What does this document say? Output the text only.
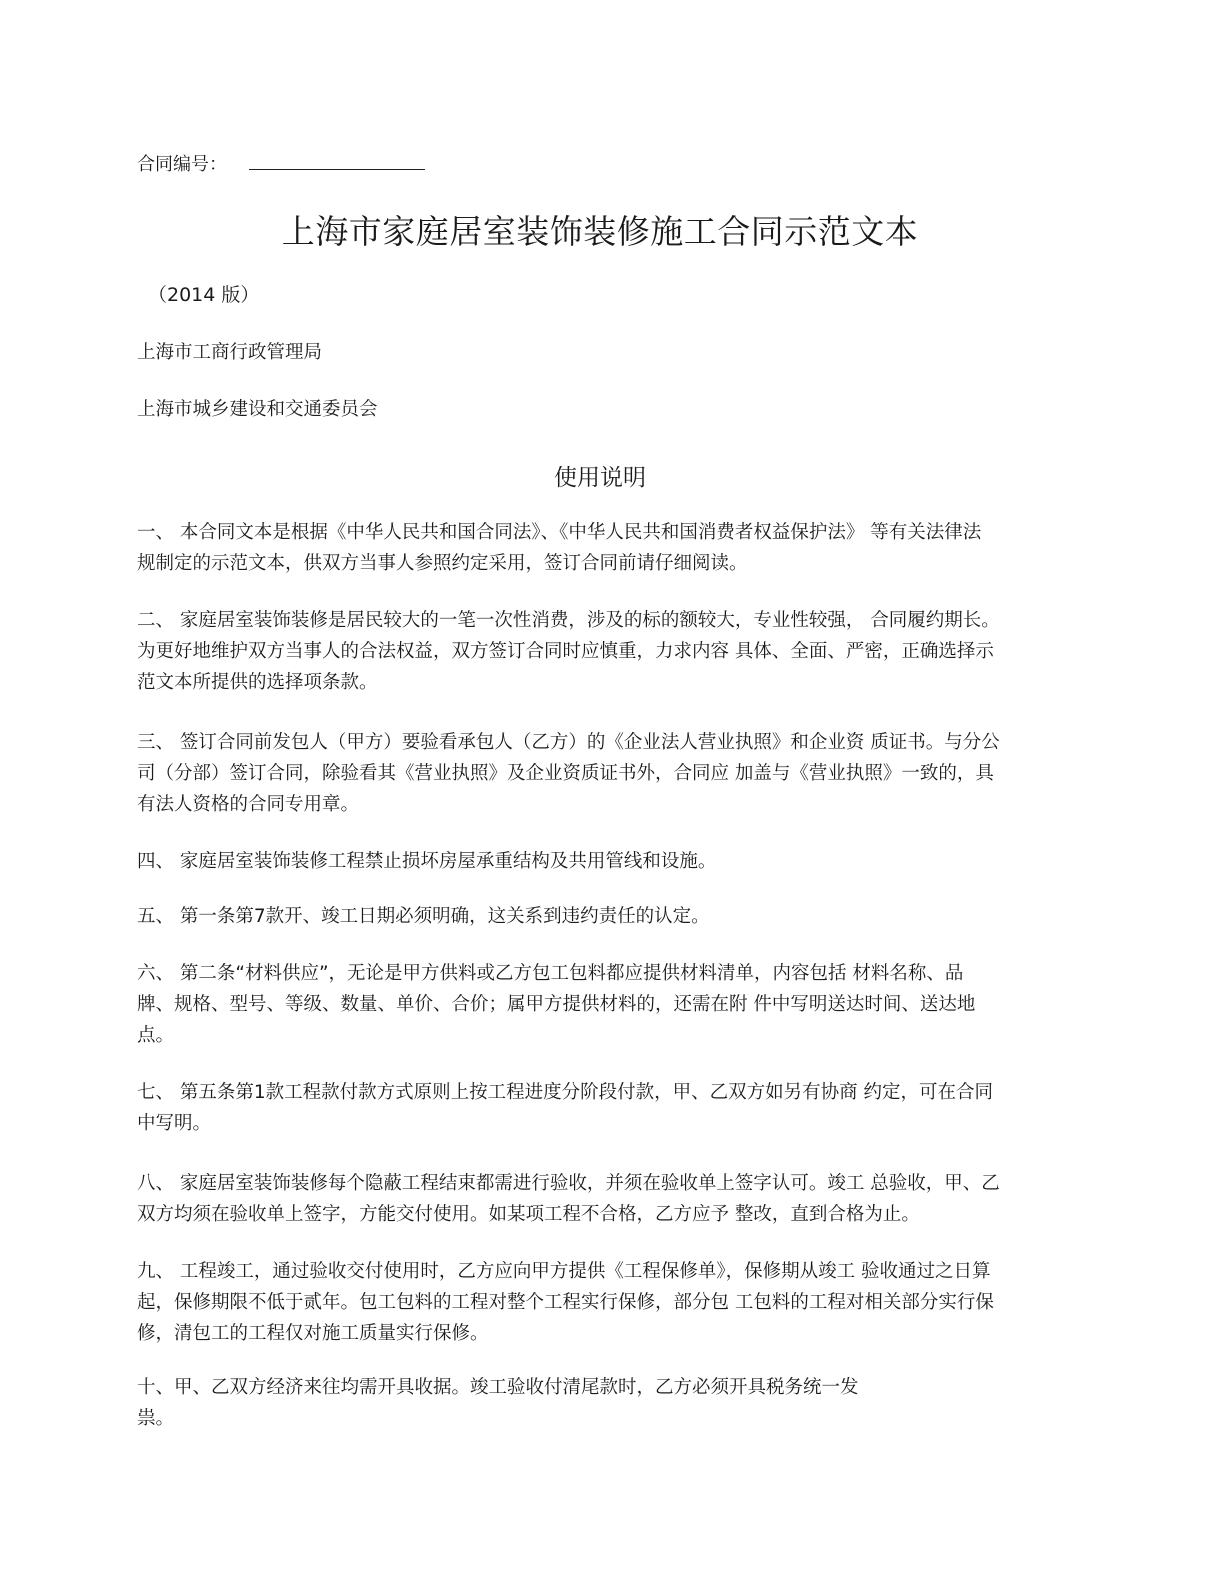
合同编号：
上海市家庭居室装饰装修施工合同示范文本
（2014 版）
上海市工商行政管理局
上海市城乡建设和交通委员会
使用说明
一、 本合同文本是根据《中华人民共和国合同法》、《中华人民共和国消费者权益保护法》 等有关法律法
规制定的示范文本，供双方当事人参照约定采用，签订合同前请仔细阅读。
二、 家庭居室装饰装修是居民较大的一笔一次性消费，涉及的标的额较大，专业性较强， 合同履约期长。
为更好地维护双方当事人的合法权益，双方签订合同时应慎重，力求内容 具体、全面、严密，正确选择示
范文本所提供的选择项条款。
三、 签订合同前发包人（甲方）要验看承包人（乙方）的《企业法人营业执照》和企业资 质证书。与分公
司（分部）签订合同，除验看其《营业执照》及企业资质证书外，合同应 加盖与《营业执照》一致的，具
有法人资格的合同专用章。
四、 家庭居室装饰装修工程禁止损坏房屋承重结构及共用管线和设施。
五、 第一条第7款开、竣工日期必须明确，这关系到违约责任的认定。
六、 第二条“材料供应”，无论是甲方供料或乙方包工包料都应提供材料清单，内容包括 材料名称、品
牌、规格、型号、等级、数量、单价、合价；属甲方提供材料的，还需在附 件中写明送达时间、送达地
点。
七、 第五条第1款工程款付款方式原则上按工程进度分阶段付款，甲、乙双方如另有协商 约定，可在合同
中写明。
八、 家庭居室装饰装修每个隐蔽工程结束都需进行验收，并须在验收单上签字认可。竣工 总验收，甲、乙
双方均须在验收单上签字，方能交付使用。如某项工程不合格，乙方应予 整改，直到合格为止。
九、 工程竣工，通过验收交付使用时，乙方应向甲方提供《工程保修单》，保修期从竣工 验收通过之日算
起，保修期限不低于贰年。包工包料的工程对整个工程实行保修，部分包 工包料的工程对相关部分实行保
修，清包工的工程仅对施工质量实行保修。
十、甲、乙双方经济来往均需开具收据。竣工验收付清尾款时，乙方必须开具税务统一发
祟。
